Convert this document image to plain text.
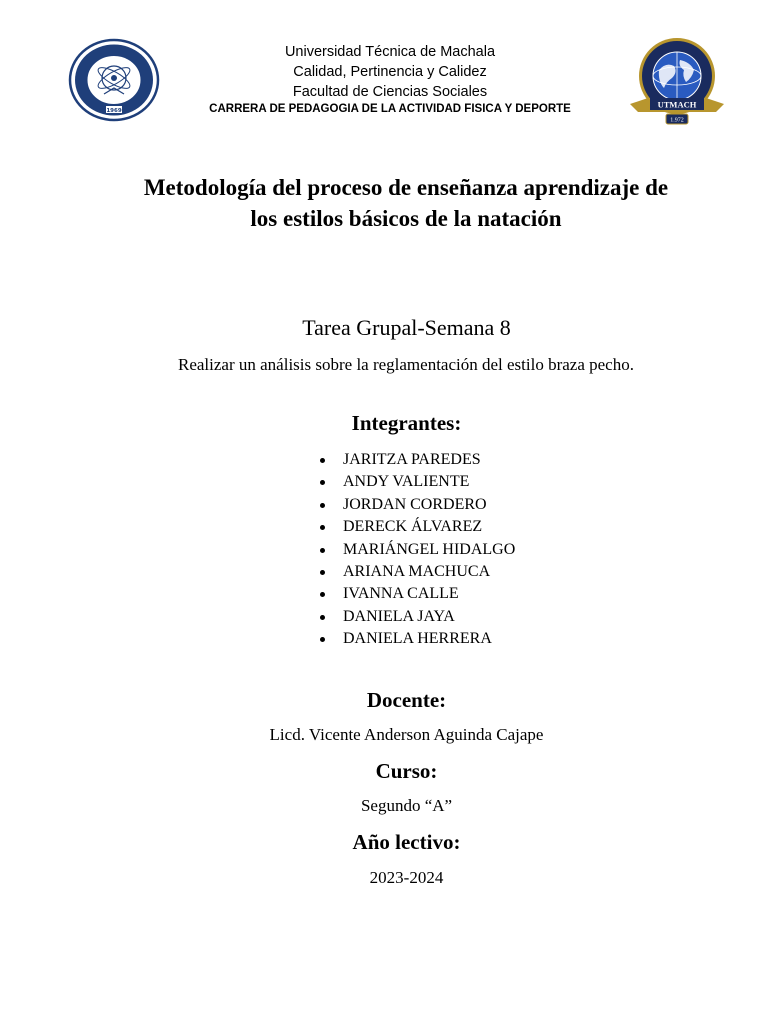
1969
Universidad Técnica de Machala
Calidad, Pertinencia y Calidez
Facultad de Ciencias Sociales
CARRERA DE PEDAGOGIA DE LA ACTIVIDAD FISICA Y DEPORTE	UTMACH
1.972
Metodología del proceso de enseñanza aprendizaje de los estilos básicos de la natación
Tarea Grupal-Semana 8
Realizar un análisis sobre la reglamentación del estilo braza pecho.
Integrantes:
JARITZA PAREDES
ANDY VALIENTE
JORDAN CORDERO
DERECK ÁLVAREZ
MARIÁNGEL HIDALGO
ARIANA MACHUCA
IVANNA CALLE
DANIELA JAYA
DANIELA HERRERA
Docente:
Licd. Vicente Anderson Aguinda Cajape
Curso:
Segundo “A”
Año lectivo:
2023-2024
